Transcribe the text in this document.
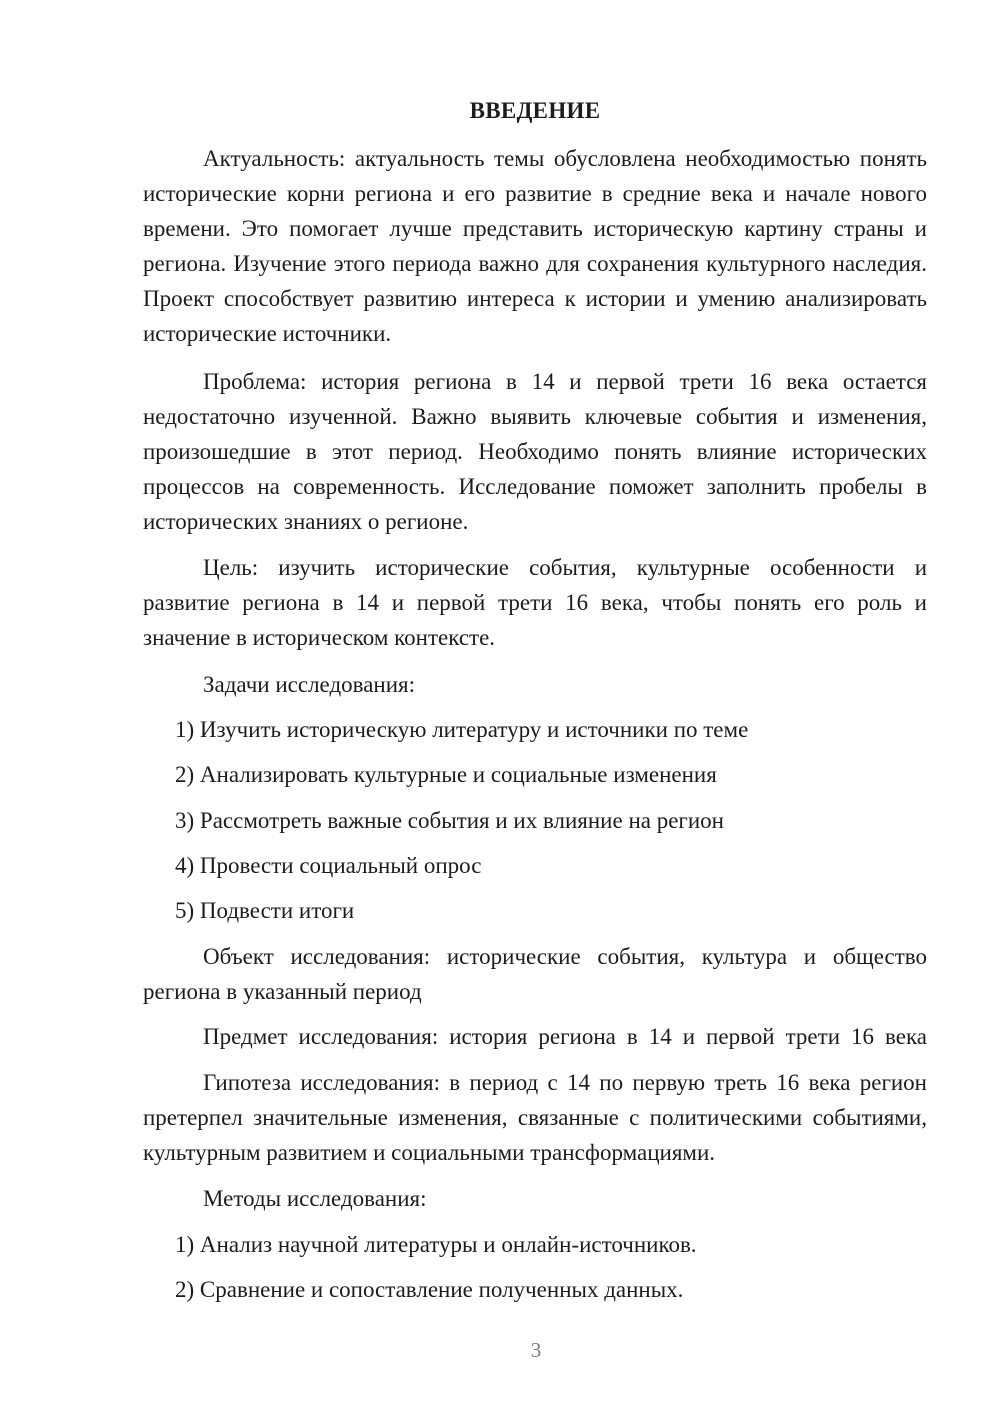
ВВЕДЕНИЕ

Актуальность: актуальность темы обусловлена необходимостью понять исторические корни региона и его развитие в средние века и начале нового времени. Это помогает лучше представить историческую картину страны и региона. Изучение этого периода важно для сохранения культурного наследия. Проект способствует развитию интереса к истории и умению анализировать исторические источники.

Проблема: история региона в 14 и первой трети 16 века остается недостаточно изученной. Важно выявить ключевые события и изменения, произошедшие в этот период. Необходимо понять влияние исторических процессов на современность. Исследование поможет заполнить пробелы в исторических знаниях о регионе.

Цель: изучить исторические события, культурные особенности и развитие региона в 14 и первой трети 16 века, чтобы понять его роль и значение в историческом контексте.

Задачи исследования:

1) Изучить историческую литературу и источники по теме

2) Анализировать культурные и социальные изменения

3) Рассмотреть важные события и их влияние на регион

4) Провести социальный опрос

5) Подвести итоги

Объект исследования: исторические события, культура и общество региона в указанный период

Предмет исследования: история региона в 14 и первой трети 16 века

Гипотеза исследования: в период с 14 по первую треть 16 века регион претерпел значительные изменения, связанные с политическими событиями, культурным развитием и социальными трансформациями.

Методы исследования:

1) Анализ научной литературы и онлайн-источников.

2) Сравнение и сопоставление полученных данных.

3
